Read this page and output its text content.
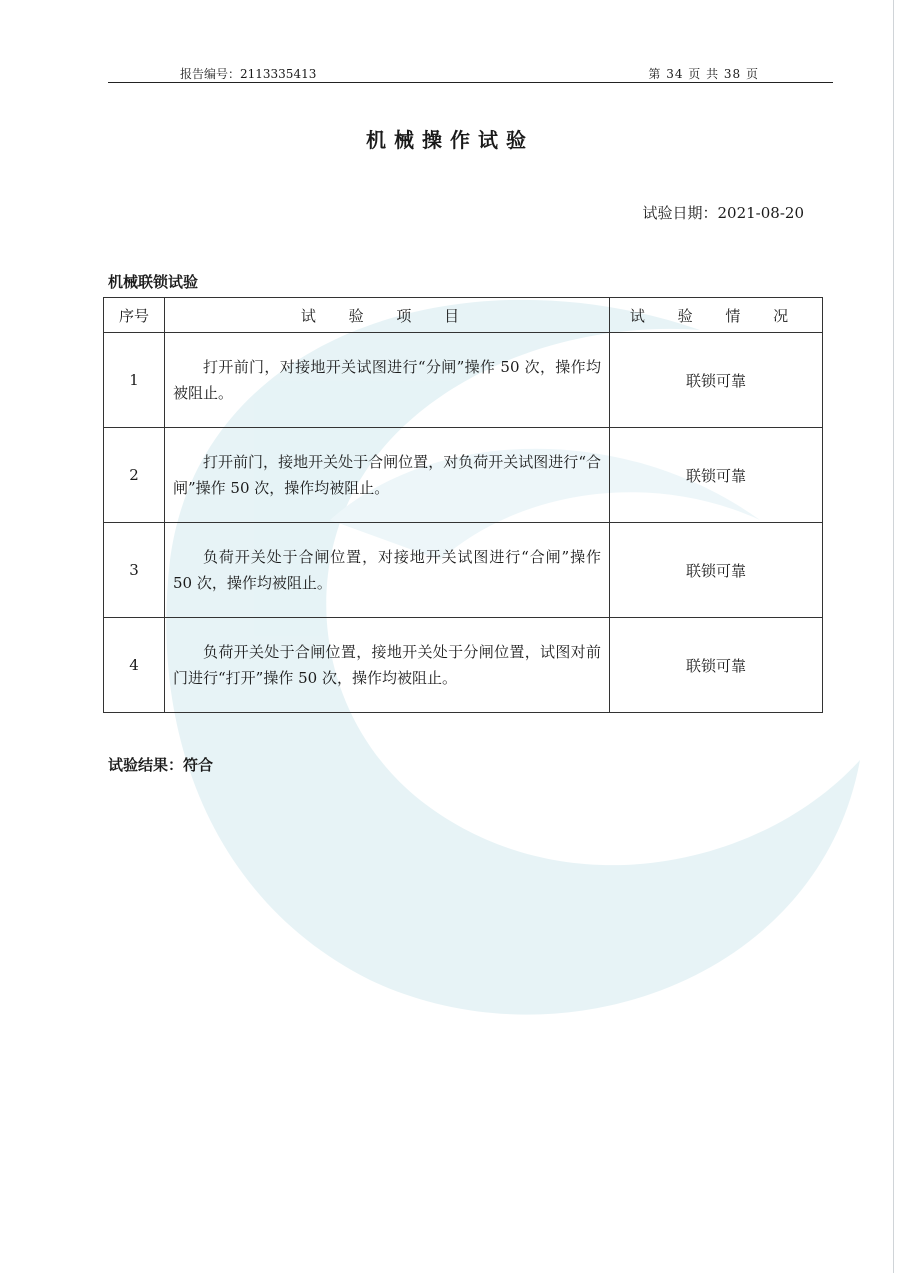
报告编号：2113335413	第 34 页 共 38 页
机械操作试验
试验日期：2021-08-20
机械联锁试验
序号	试 验 项 目	试 验 情 况
1	打开前门，对接地开关试图进行“分闸”操作 50 次，操作均被阻止。	联锁可靠
2	打开前门，接地开关处于合闸位置，对负荷开关试图进行“合闸”操作 50 次，操作均被阻止。	联锁可靠
3	负荷开关处于合闸位置，对接地开关试图进行“合闸”操作 50 次，操作均被阻止。	联锁可靠
4	负荷开关处于合闸位置，接地开关处于分闸位置，试图对前门进行“打开”操作 50 次，操作均被阻止。	联锁可靠
试验结果：符合
